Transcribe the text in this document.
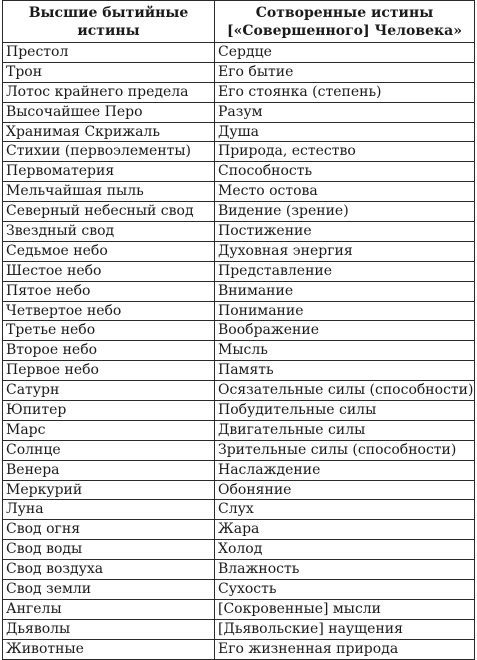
Высшие бытийные истины	Сотворенные истины [«Совершенного] Человека»
Престол	Сердце
Трон	Его бытие
Лотос крайнего предела	Его стоянка (степень)
Высочайшее Перо	Разум
Хранимая Скрижаль	Душа
Стихии (первоэлементы)	Природа, естество
Первоматерия	Способность
Мельчайшая пыль	Место остова
Северный небесный свод	Видение (зрение)
Звездный свод	Постижение
Седьмое небо	Духовная энергия
Шестое небо	Представление
Пятое небо	Внимание
Четвертое небо	Понимание
Третье небо	Воображение
Второе небо	Мысль
Первое небо	Память
Сатурн	Осязательные силы (способности)
Юпитер	Побудительные силы
Марс	Двигательные силы
Солнце	Зрительные силы (способности)
Венера	Наслаждение
Меркурий	Обоняние
Луна	Слух
Свод огня	Жара
Свод воды	Холод
Свод воздуха	Влажность
Свод земли	Сухость
Ангелы	[Сокровенные] мысли
Дьяволы	[Дьявольские] наущения
Животные	Его жизненная природа
